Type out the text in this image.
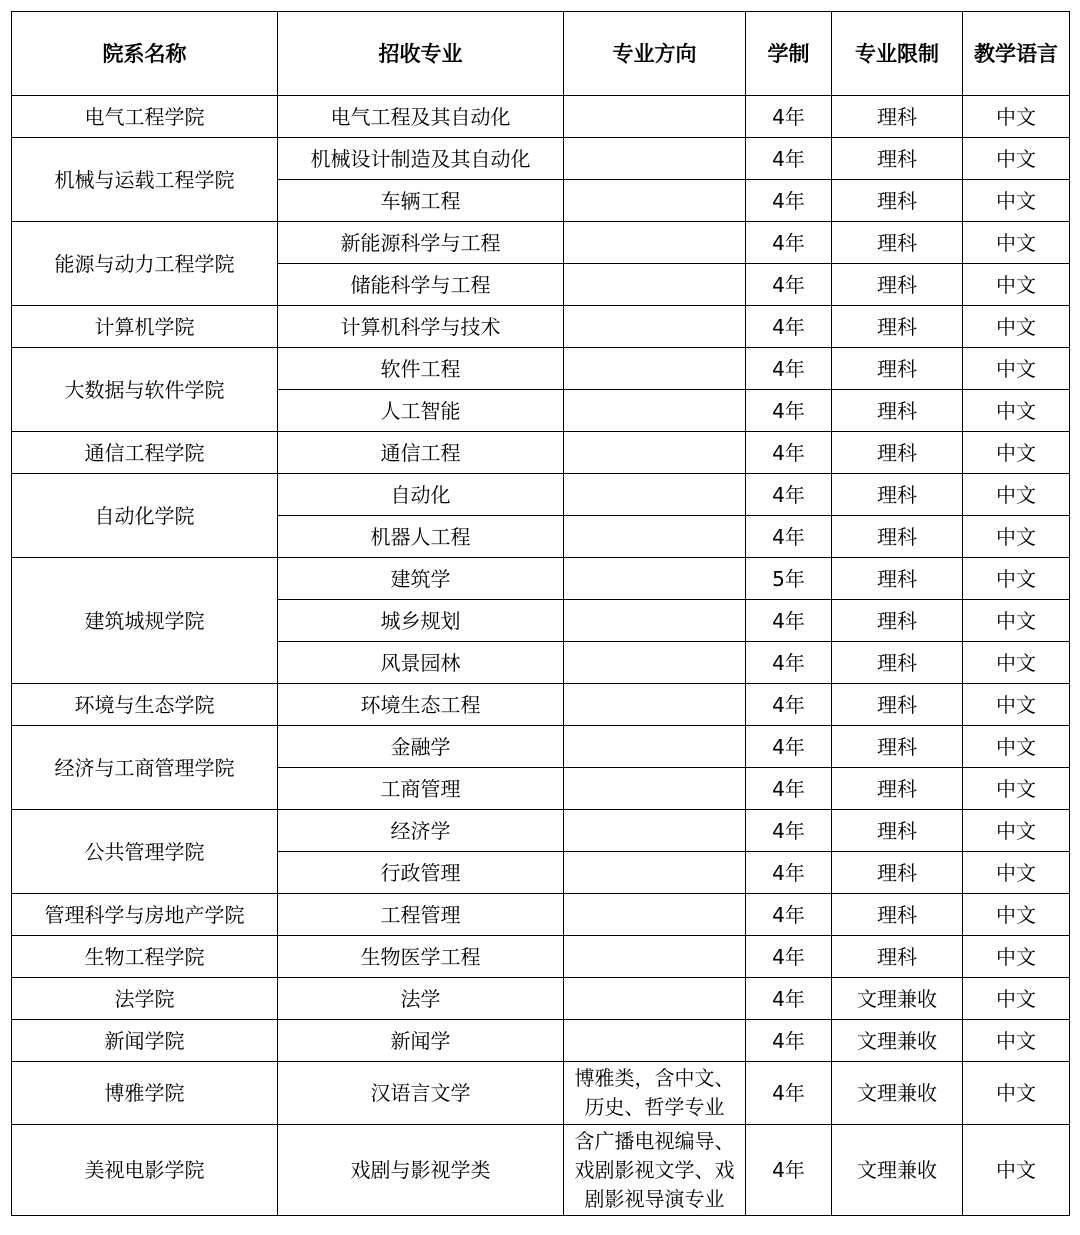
院系名称	招收专业	专业方向	学制	专业限制	教学语言
电气工程学院	电气工程及其自动化		4年	理科	中文
机械与运载工程学院	机械设计制造及其自动化		4年	理科	中文
	车辆工程		4年	理科	中文
能源与动力工程学院	新能源科学与工程		4年	理科	中文
	储能科学与工程		4年	理科	中文
计算机学院	计算机科学与技术		4年	理科	中文
大数据与软件学院	软件工程		4年	理科	中文
	人工智能		4年	理科	中文
通信工程学院	通信工程		4年	理科	中文
自动化学院	自动化		4年	理科	中文
	机器人工程		4年	理科	中文
建筑城规学院	建筑学		5年	理科	中文
	城乡规划		4年	理科	中文
	风景园林		4年	理科	中文
环境与生态学院	环境生态工程		4年	理科	中文
经济与工商管理学院	金融学		4年	理科	中文
	工商管理		4年	理科	中文
公共管理学院	经济学		4年	理科	中文
	行政管理		4年	理科	中文
管理科学与房地产学院	工程管理		4年	理科	中文
生物工程学院	生物医学工程		4年	理科	中文
法学院	法学		4年	文理兼收	中文
新闻学院	新闻学		4年	文理兼收	中文
博雅学院	汉语言文学	博雅类，含中文、历史、哲学专业	4年	文理兼收	中文
美视电影学院	戏剧与影视学类	含广播电视编导、戏剧影视文学、戏剧影视导演专业	4年	文理兼收	中文
